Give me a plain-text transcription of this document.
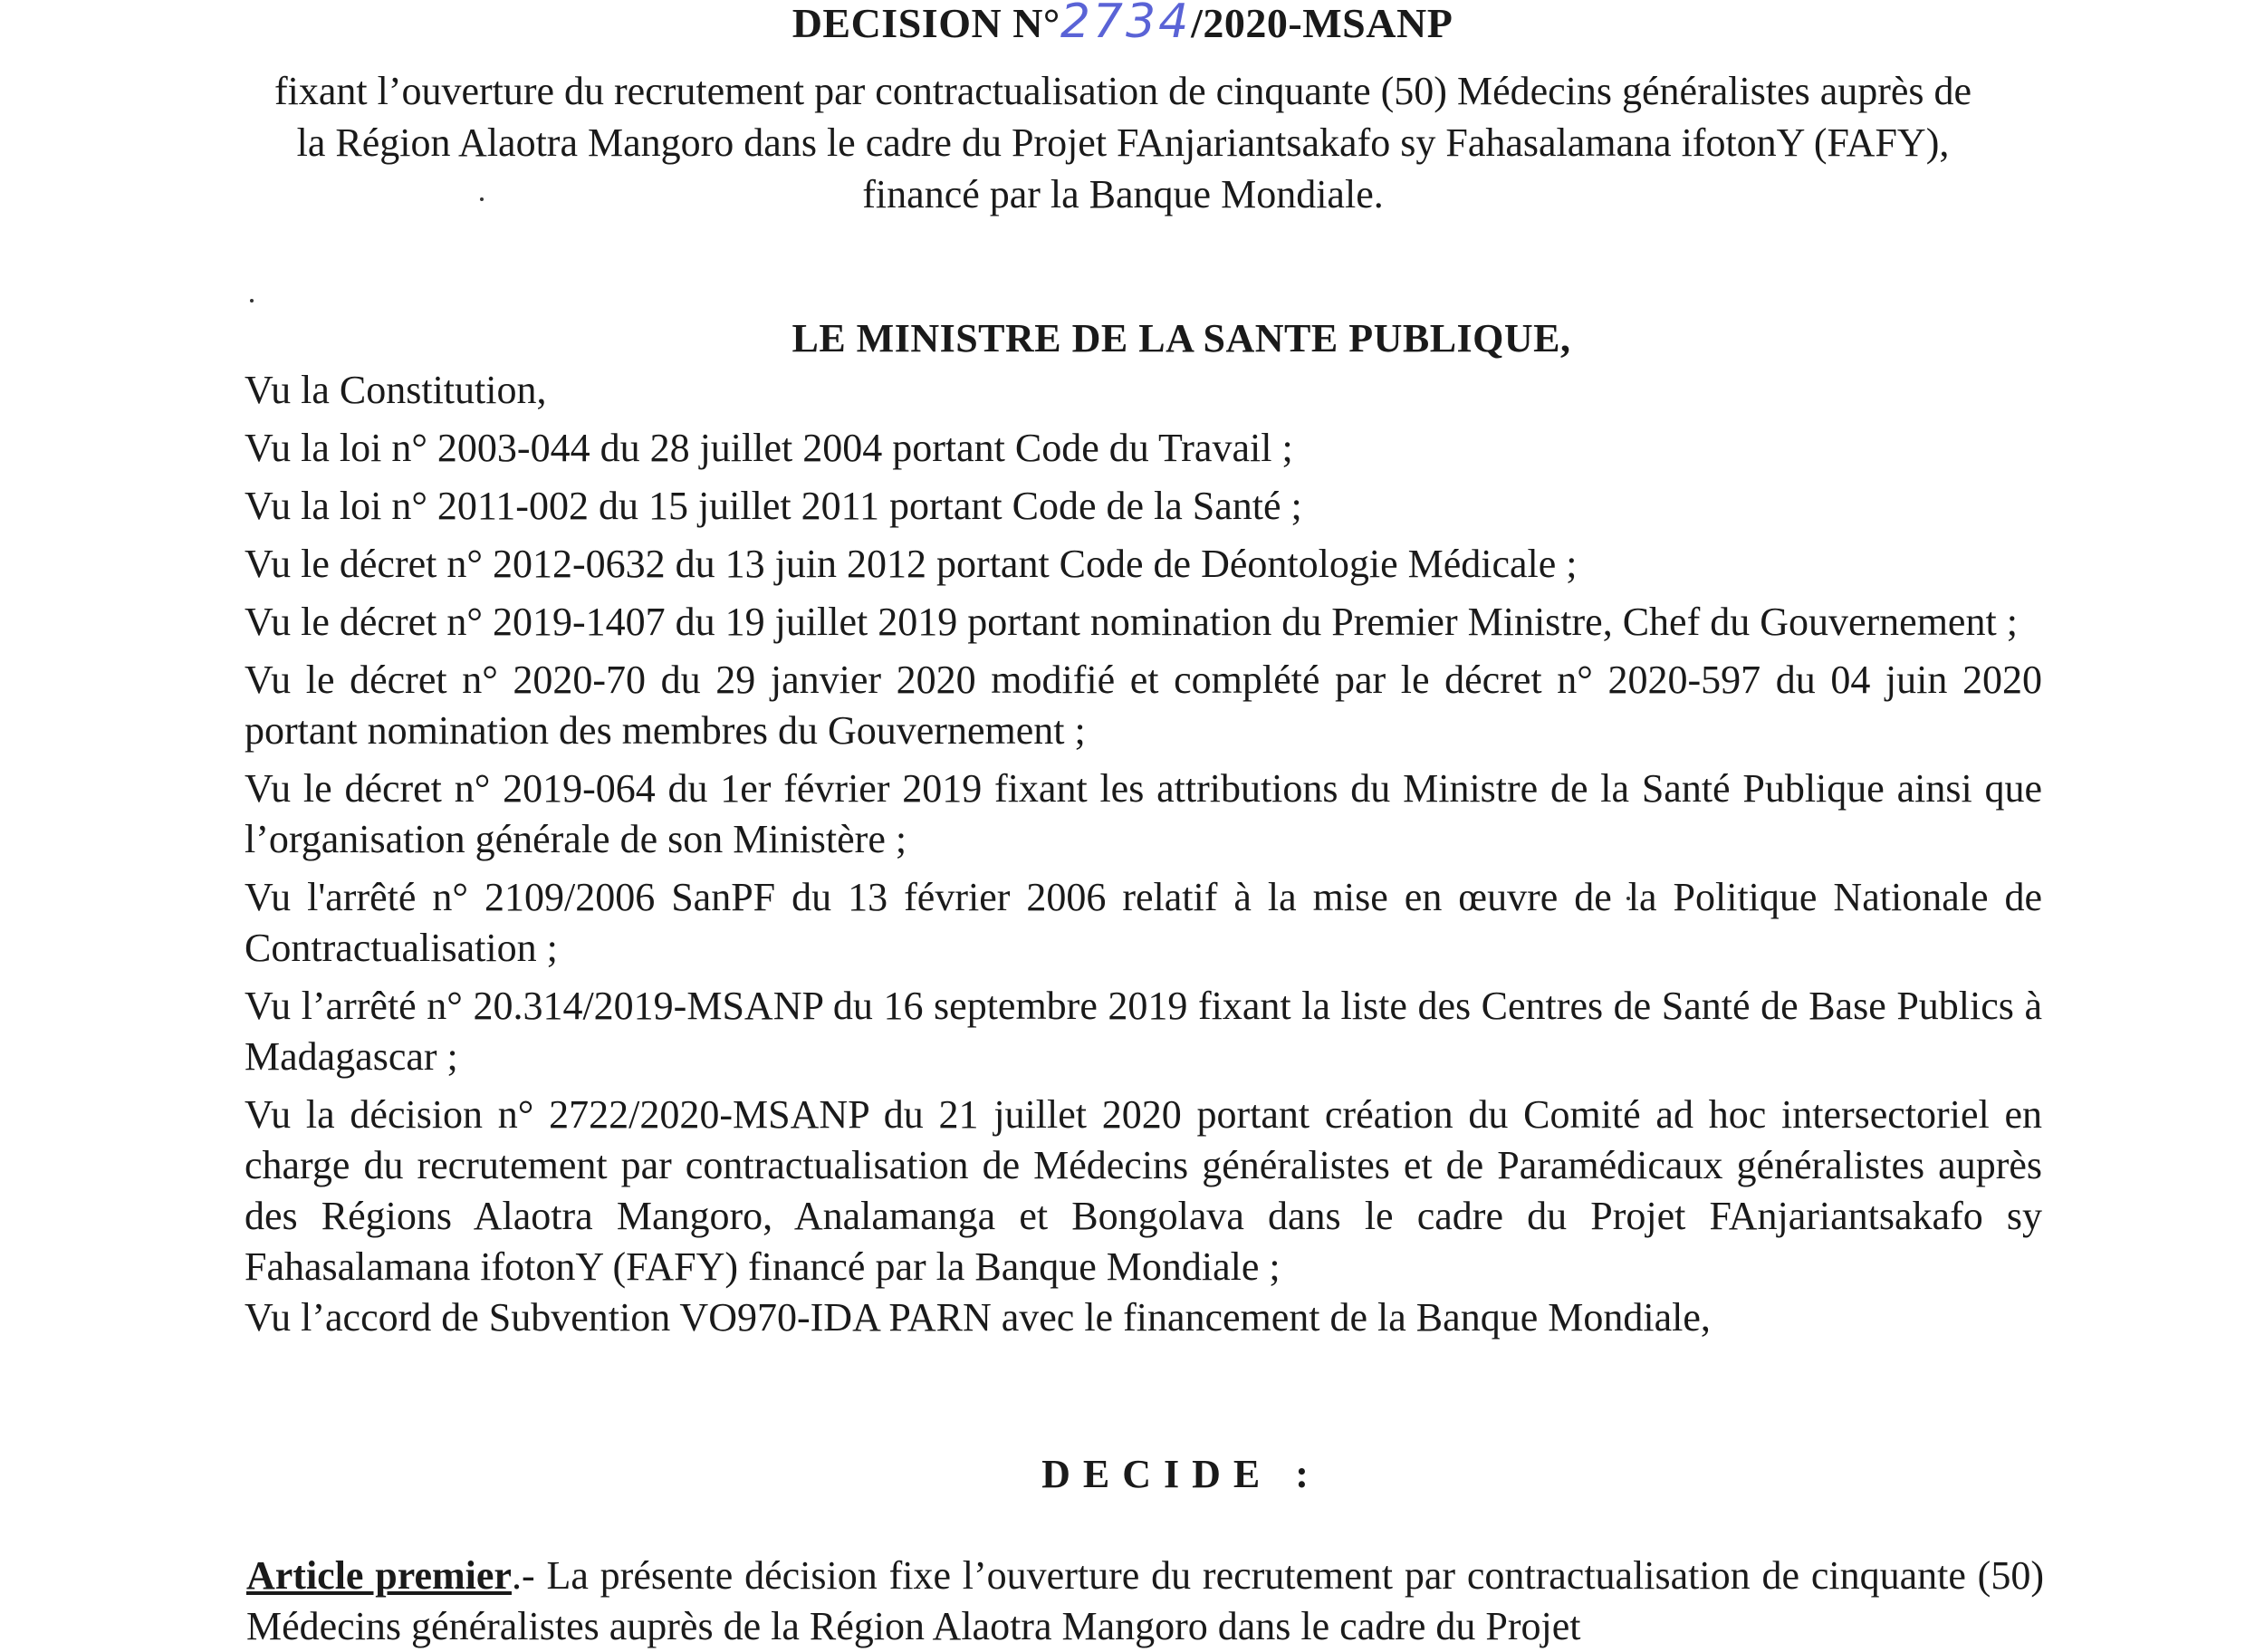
DECISION N°2734/2020-MSANP
fixant l’ouverture du recrutement par contractualisation de cinquante (50) Médecins généralistes auprès de la Région Alaotra Mangoro dans le cadre du Projet FAnjariantsakafo sy Fahasalamana ifotonY (FAFY), financé par la Banque Mondiale.
LE MINISTRE DE LA SANTE PUBLIQUE,

Vu la Constitution,

Vu la loi n° 2003-044 du 28 juillet 2004 portant Code du Travail ;

Vu la loi n° 2011-002 du 15 juillet 2011 portant Code de la Santé ;

Vu le décret n° 2012-0632 du 13 juin 2012 portant Code de Déontologie Médicale ;

Vu le décret n° 2019-1407 du 19 juillet 2019 portant nomination du Premier Ministre, Chef du Gouvernement ;

Vu le décret n° 2020-70 du 29 janvier 2020 modifié et complété par le décret n° 2020-597 du 04 juin 2020 portant nomination des membres du Gouvernement ;

Vu le décret n° 2019-064 du 1er février 2019 fixant les attributions du Ministre de la Santé Publique ainsi que l’organisation générale de son Ministère ;

Vu l'arrêté n° 2109/2006 SanPF du 13 février 2006 relatif à la mise en œuvre de la Politique Nationale de Contractualisation ;

Vu l’arrêté n° 20.314/2019-MSANP du 16 septembre 2019 fixant la liste des Centres de Santé de Base Publics à Madagascar ;

Vu la décision n° 2722/2020-MSANP du 21 juillet 2020 portant création du Comité ad hoc intersectoriel en charge du recrutement par contractualisation de Médecins généralistes et de Paramédicaux généralistes auprès des Régions Alaotra Mangoro, Analamanga et Bongolava dans le cadre du Projet FAnjariantsakafo sy Fahasalamana ifotonY (FAFY) financé par la Banque Mondiale ;

Vu l’accord de Subvention VO970-IDA PARN avec le financement de la Banque Mondiale,

DECIDE :
Article premier.- La présente décision fixe l’ouverture du recrutement par contractualisation de cinquante (50) Médecins généralistes auprès de la Région Alaotra Mangoro dans le cadre du Projet
